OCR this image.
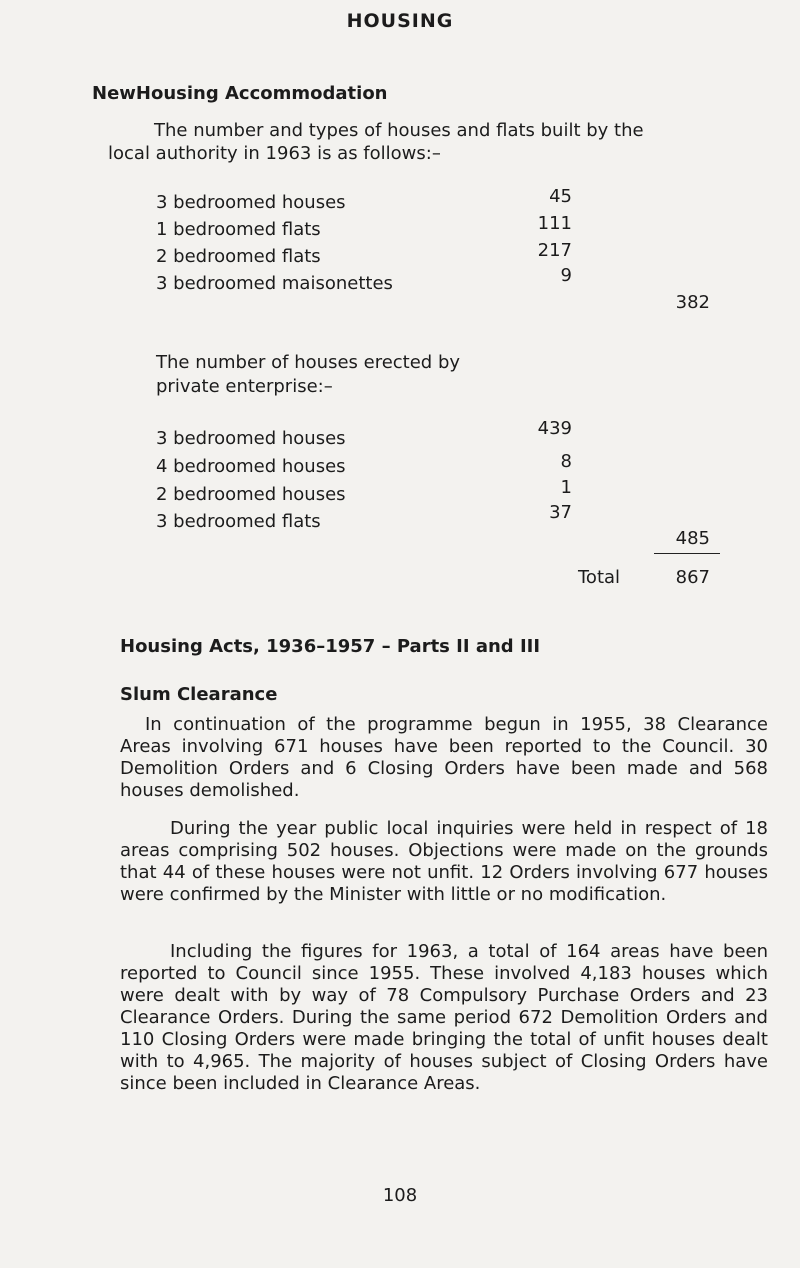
HOUSING
NewHousing Accommodation
The number and types of houses and flats built by the
local authority in 1963 is as follows:–
3 bedroomed houses	45
1 bedroomed flats	111
2 bedroomed flats	217
3 bedroomed maisonettes	9
382
The number of houses erected by
private enterprise:–
3 bedroomed houses	439
4 bedroomed houses	8
2 bedroomed houses	1
3 bedroomed flats	37
485
Total	867
Housing Acts, 1936–1957 – Parts II and III
Slum Clearance

In continuation of the programme begun in 1955, 38 Clearance Areas involving 671 houses have been reported to the Council. 30 Demolition Orders and 6 Closing Orders have been made and 568 houses demolished.

During the year public local inquiries were held in respect of 18 areas comprising 502 houses. Objections were made on the grounds that 44 of these houses were not unfit. 12 Orders involving 677 houses were confirmed by the Minister with little or no modification.

Including the figures for 1963, a total of 164 areas have been reported to Council since 1955. These involved 4,183 houses which were dealt with by way of 78 Compulsory Purchase Orders and 23 Clearance Orders. During the same period 672 Demolition Orders and 110 Closing Orders were made bringing the total of unfit houses dealt with to 4,965. The majority of houses subject of Closing Orders have since been included in Clearance Areas.

108
